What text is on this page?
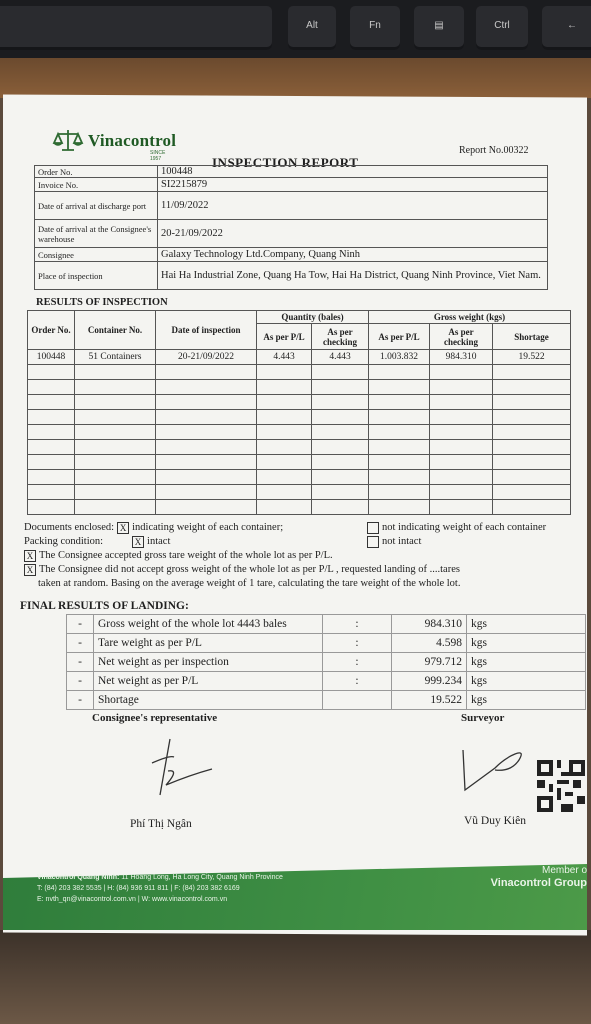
Alt	Fn	▤	Ctrl	←
Vinacontrol
SINCE 1957
Report No.00322
INSPECTION REPORT
Order No.	100448
Invoice No.	SI2215879
Date of arrival at discharge port	11/09/2022
Date of arrival at the Consignee's warehouse	20-21/09/2022
Consignee	Galaxy Technology Ltd.Company, Quang Ninh
Place of inspection	Hai Ha Industrial Zone, Quang Ha Tow, Hai Ha District, Quang Ninh Province, Viet Nam.
RESULTS OF INSPECTION
Order No.	Container No.	Date of inspection	Quantity (bales)		Gross weight (kgs)		
			As per P/L	As per checking	As per P/L	As per checking	Shortage
100448	51 Containers	20-21/09/2022	4.443	4.443	1.003.832	984.310	19.522

Documents enclosed: X indicating weight of each container;	not indicating weight of each container
Packing condition:	X intact	not intact
X The Consignee accepted gross tare weight of the whole lot as per P/L.
X The Consignee did not accept gross weight of the whole lot as per P/L , requested landing of ....tares
taken at random. Basing on the average weight of 1 tare, calculating the tare weight of the whole lot.
FINAL RESULTS OF LANDING:
-	Gross weight of the whole lot 4443 bales	:	984.310	kgs
-	Tare weight as per P/L	:	4.598	kgs
-	Net weight as per inspection	:	979.712	kgs
-	Net weight as per P/L	:	999.234	kgs
-	Shortage		19.522	kgs
Consignee's representative	Surveyor
Phí Thị Ngân	Vũ Duy Kiên
Vinacontrol Quang Ninh: 11 Hoang Long, Ha Long City, Quang Ninh Province
T: (84) 203 382 5535 | H: (84) 936 911 811 | F: (84) 203 382 6169
E: nvth_qn@vinacontrol.com.vn | W: www.vinacontrol.com.vn
Member o
Vinacontrol Group
